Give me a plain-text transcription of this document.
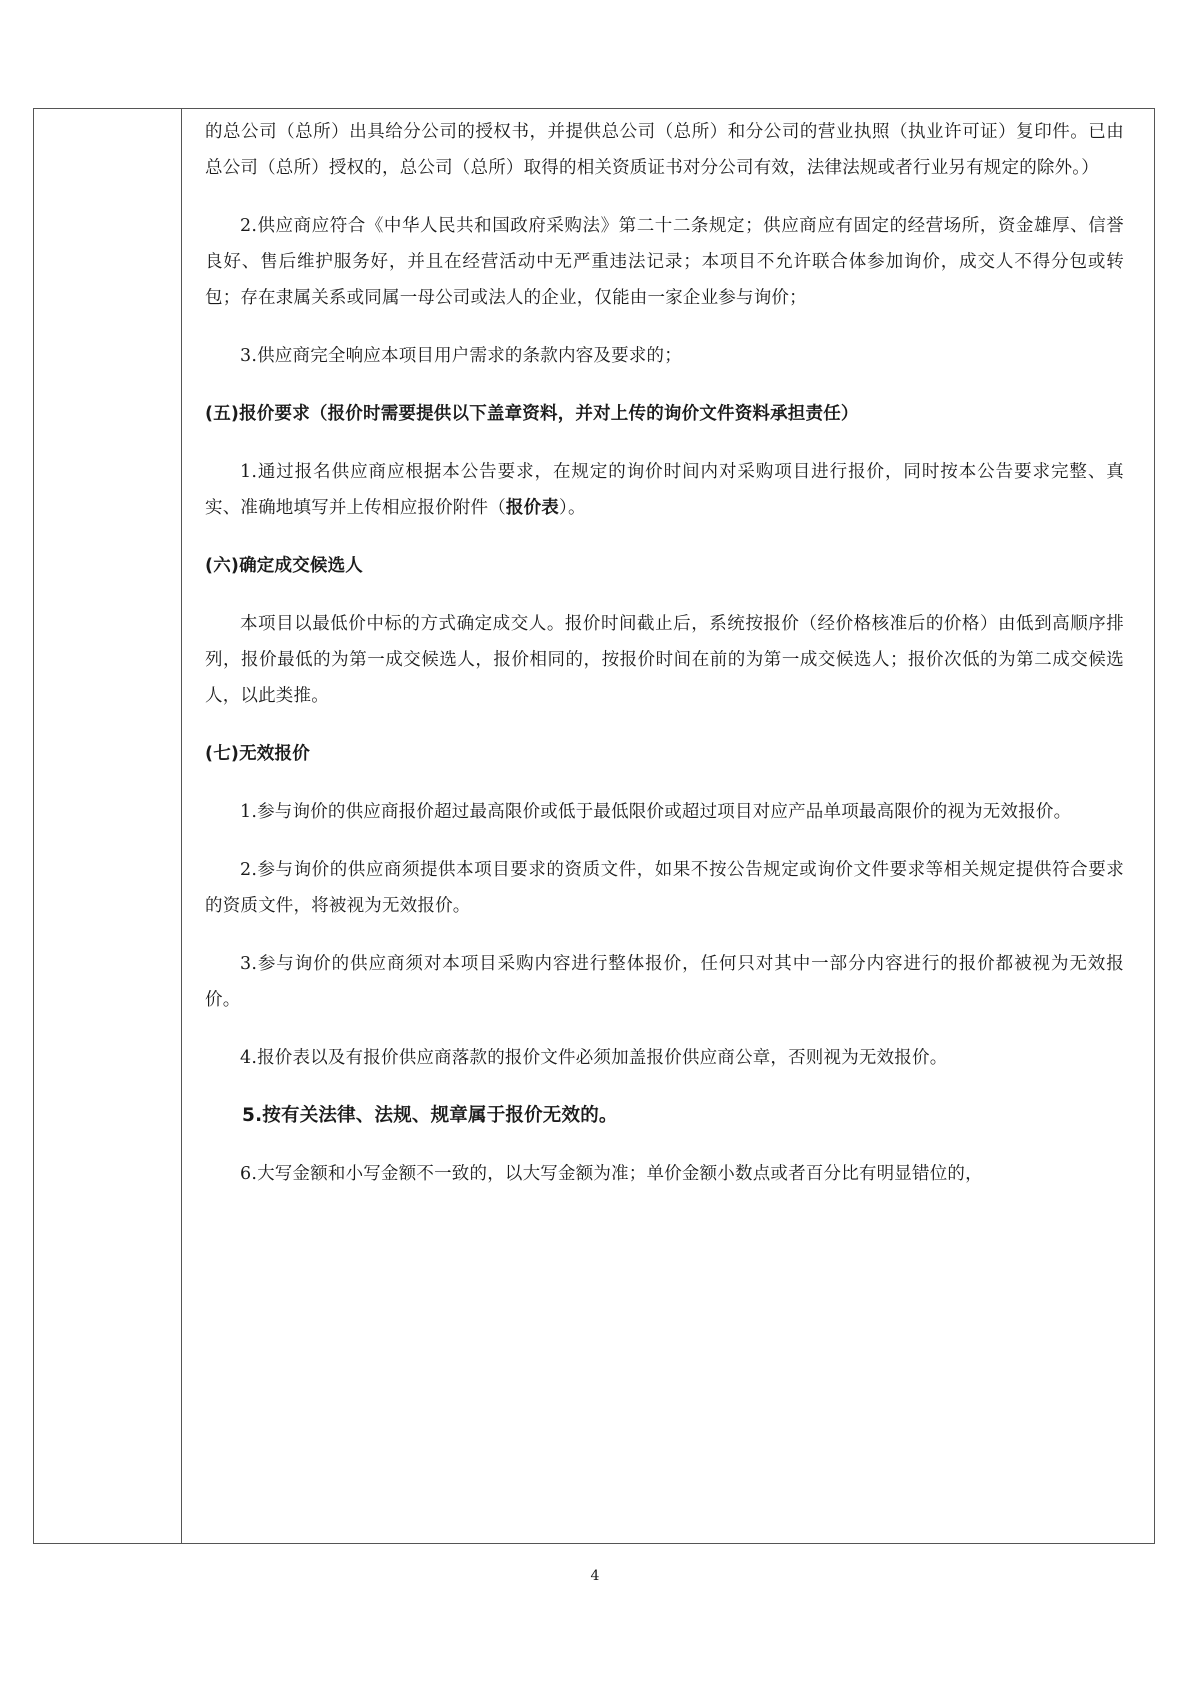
的总公司（总所）出具给分公司的授权书，并提供总公司（总所）和分公司的营业执照（执业许可证）复印件。已由总公司（总所）授权的，总公司（总所）取得的相关资质证书对分公司有效，法律法规或者行业另有规定的除外。）

2.供应商应符合《中华人民共和国政府采购法》第二十二条规定；供应商应有固定的经营场所，资金雄厚、信誉良好、售后维护服务好，并且在经营活动中无严重违法记录；本项目不允许联合体参加询价，成交人不得分包或转包；存在隶属关系或同属一母公司或法人的企业，仅能由一家企业参与询价；

3.供应商完全响应本项目用户需求的条款内容及要求的；

(五)报价要求（报价时需要提供以下盖章资料，并对上传的询价文件资料承担责任）

1.通过报名供应商应根据本公告要求，在规定的询价时间内对采购项目进行报价，同时按本公告要求完整、真实、准确地填写并上传相应报价附件（报价表）。

(六)确定成交候选人

本项目以最低价中标的方式确定成交人。报价时间截止后，系统按报价（经价格核准后的价格）由低到高顺序排列，报价最低的为第一成交候选人，报价相同的，按报价时间在前的为第一成交候选人；报价次低的为第二成交候选人，以此类推。

(七)无效报价

1.参与询价的供应商报价超过最高限价或低于最低限价或超过项目对应产品单项最高限价的视为无效报价。

2.参与询价的供应商须提供本项目要求的资质文件，如果不按公告规定或询价文件要求等相关规定提供符合要求的资质文件，将被视为无效报价。

3.参与询价的供应商须对本项目采购内容进行整体报价，任何只对其中一部分内容进行的报价都被视为无效报价。

4.报价表以及有报价供应商落款的报价文件必须加盖报价供应商公章，否则视为无效报价。

5.按有关法律、法规、规章属于报价无效的。

6.大写金额和小写金额不一致的，以大写金额为准；单价金额小数点或者百分比有明显错位的，

4
